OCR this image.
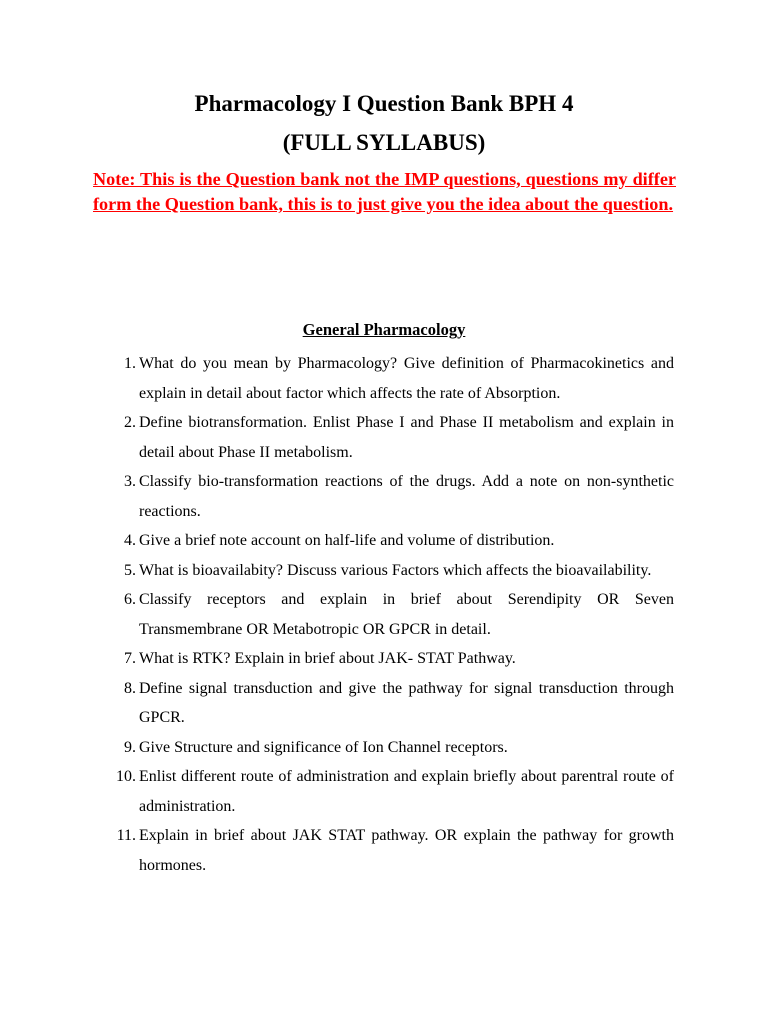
Pharmacology I Question Bank BPH 4
(FULL SYLLABUS)

Note: This is the Question bank not the IMP questions, questions my differ form the Question bank, this is to just give you the idea about the question.

General Pharmacology
1. What do you mean by Pharmacology? Give definition of Pharmacokinetics and explain in detail about factor which affects the rate of Absorption.
2. Define biotransformation. Enlist Phase I and Phase II metabolism and explain in detail about Phase II metabolism.
3. Classify bio-transformation reactions of the drugs. Add a note on non-synthetic reactions.
4. Give a brief note account on half-life and volume of distribution.
5. What is bioavailabity? Discuss various Factors which affects the bioavailability.
6. Classify receptors and explain in brief about Serendipity OR Seven Transmembrane OR Metabotropic OR GPCR in detail.
7. What is RTK? Explain in brief about JAK- STAT Pathway.
8. Define signal transduction and give the pathway for signal transduction through GPCR.
9. Give Structure and significance of Ion Channel receptors.
10. Enlist different route of administration and explain briefly about parentral route of administration.
11. Explain in brief about JAK STAT pathway. OR explain the pathway for growth hormones.
